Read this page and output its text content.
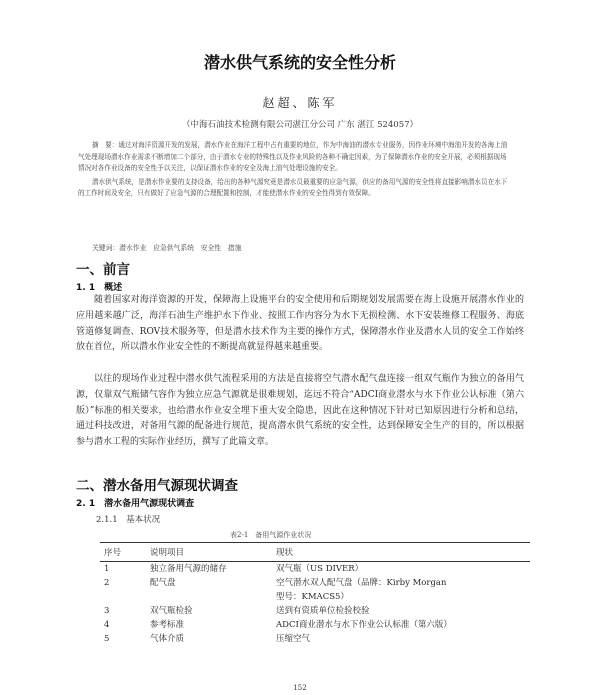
潜水供气系统的安全性分析
赵超、陈军
（中海石油技术检测有限公司湛江分公司 广东 湛江 524057）

摘　要：通过对海洋资源开发的发展，潜水作业在海洋工程中占有重要的地位，作为中海油的潜水专业服务，因作业环境中海油开发的各海上油气处理现场潜水作业需求不断增加二个部分，由于潜水专业的特殊性以及作业风险的各种不确定因素，为了保障潜水作业的安全开展，必须根据现场情况对各作业设备的安全性予以关注，以保证潜水作业的安全及海上油气处理设施的安全。

潜水供气系统，是潜水作业要的支持设备，给出的各种气源究竟是潜水员最重要的应急气源，供应的备用气源的安全性将直接影响潜水员在水下的工作时间及安全，只有做好了应急气源的合理配置和控制，才能使潜水作业的安全性得到有效保障。

关键词：潜水作业　应急供气系统　安全性　措施
一、前言
1. 1　概述

随着国家对海洋资源的开发，保障海上设施平台的安全使用和后期规划发展需要在海上设施开展潜水作业的应用越来越广泛，海洋石油生产维护水下作业、按照工作内容分为水下无损检测、水下安装维修工程服务、海底管道修复调查、ROV技术服务等，但是潜水技术作为主要的操作方式，保障潜水作业及潜水人员的安全工作始终放在首位，所以潜水作业安全性的不断提高就显得越来越重要。

以往的现场作业过程中潜水供气流程采用的方法是直接将空气潜水配气盘连接一组双气瓶作为独立的备用气源，仅靠双气瓶储气容作为独立应急气源就是很难规划，迄远不符合“ADCI商业潜水与水下作业公认标准（第六版）”标准的相关要求，也给潜水作业安全埋下重大安全隐患，因此在这种情况下针对已知原因进行分析和总结，通过科技改进，对备用气源的配备进行规范，提高潜水供气系统的安全性，达到保障安全生产的目的，所以根据参与潜水工程的实际作业经历，撰写了此篇文章。

二、潜水备用气源现状调查
2. 1　潜水备用气源现状调查
2.1.1　基本状况
表2-1　备用气源作业状况
序号	说明项目	现状
1	独立备用气源的储存	双气瓶（US DIVER）
2	配气盘	空气潜水双人配气盘（品牌：Kirby Morgan
		型号：KMACS5）
3	双气瓶检验	送到有资质单位检验校验
4	参考标准	ADCI商业潜水与水下作业公认标准（第六版）
5	气体介质	压缩空气
152
